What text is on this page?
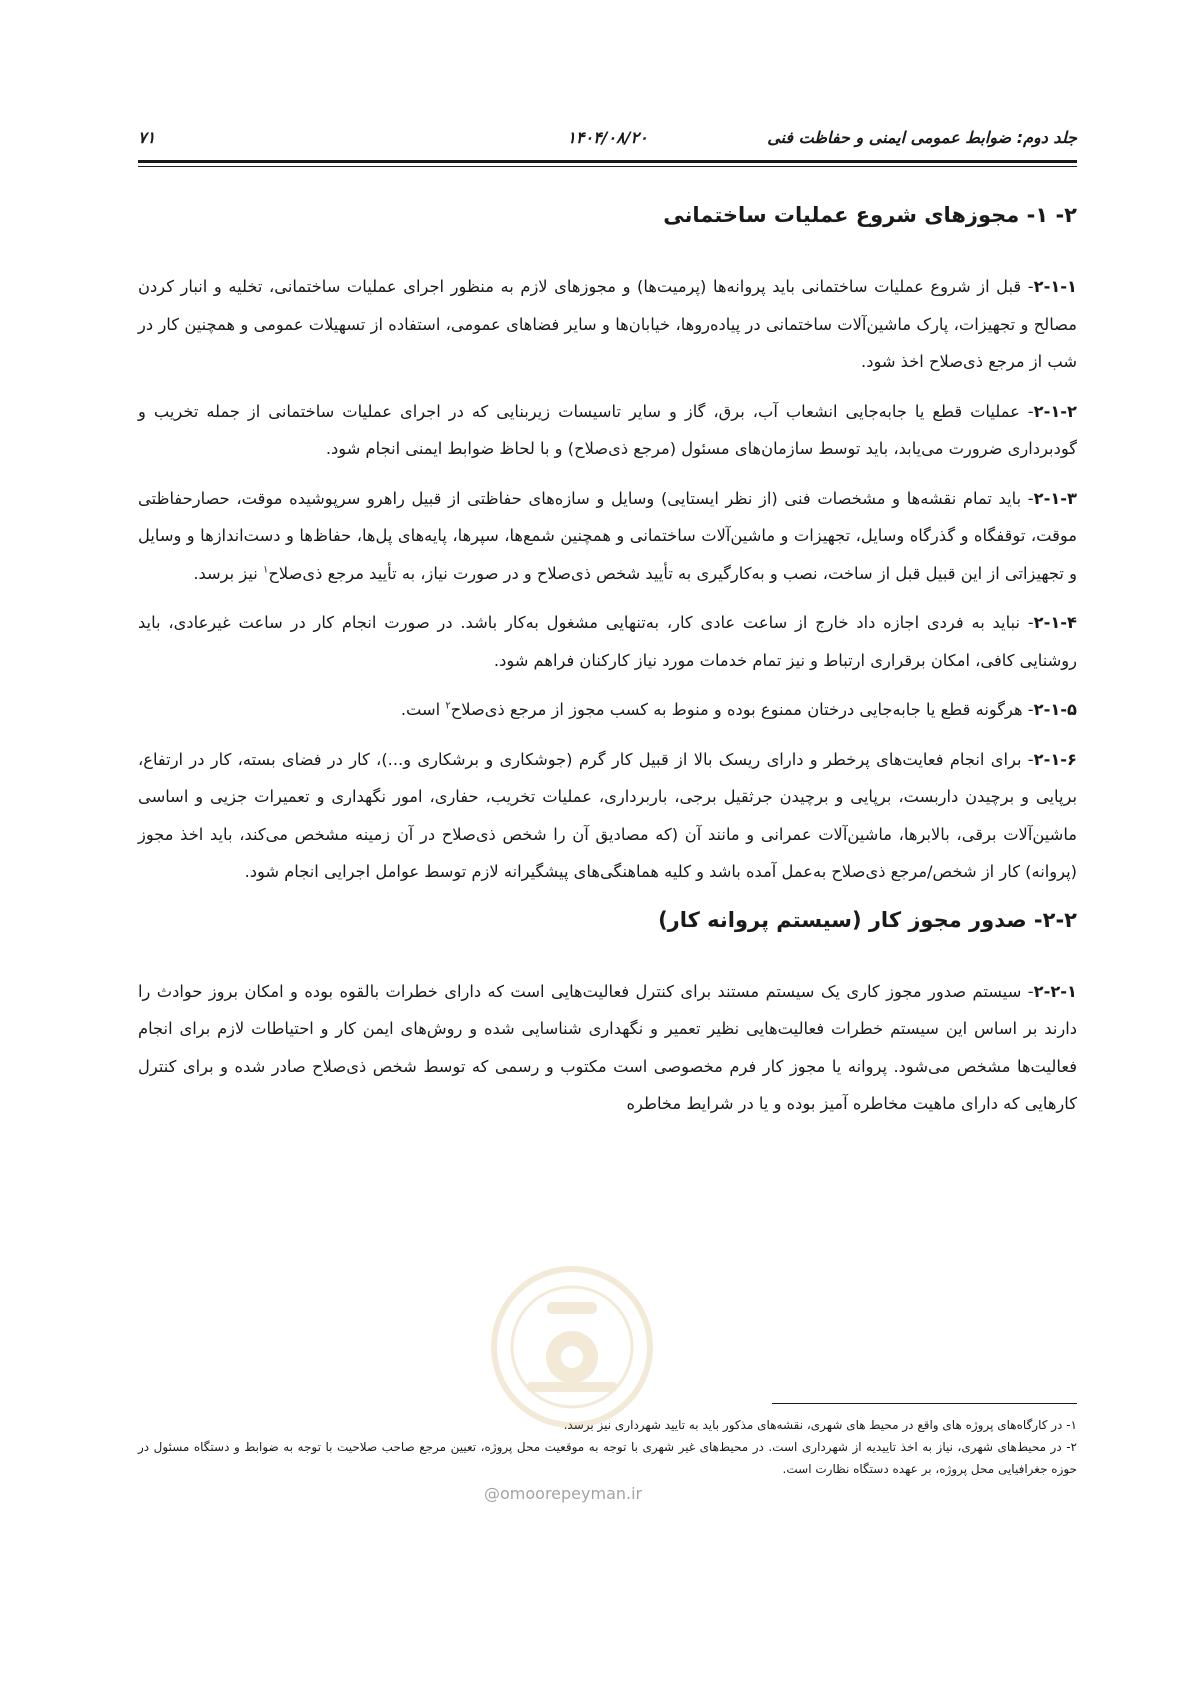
۷۱	۱۴۰۴/۰۸/۲۰	جلد دوم: ضوابط عمومی ایمنی و حفاظت فنی
۲- ۱- مجوزهای شروع عملیات ساختمانی

۲-۱-۱- قبل از شروع عملیات ساختمانی باید پروانه‌ها (پرمیت‌ها) و مجوزهای لازم به منظور اجرای عملیات ساختمانی، تخلیه و انبار کردن مصالح و تجهیزات، پارک ماشین‌آلات ساختمانی در پیاده‌روها، خیابان‌ها و سایر فضاهای عمومی، استفاده از تسهیلات عمومی و همچنین کار در شب از مرجع ذی‌صلاح اخذ شود.

۲-۱-۲- عملیات قطع یا جابه‌جایی انشعاب آب، برق، گاز و سایر تاسیسات زیربنایی که در اجرای عملیات ساختمانی از جمله تخریب و گودبرداری ضرورت می‌یابد، باید توسط سازمان‌های مسئول (مرجع ذی‌صلاح) و با لحاظ ضوابط ایمنی انجام شود.

۲-۱-۳- باید تمام نقشه‌ها و مشخصات فنی (از نظر ایستایی) وسایل و سازه‌های حفاظتی از قبیل راهرو سرپوشیده موقت، حصارحفاظتی موقت، توقفگاه و گذرگاه وسایل، تجهیزات و ماشین‌آلات ساختمانی و همچنین شمع‌ها، سپرها، پایه‌های پل‌ها، حفاظ‌ها و دست‌اندازها و وسایل و تجهیزاتی از این قبیل قبل از ساخت، نصب و به‌کارگیری به تأیید شخص ذی‌صلاح و در صورت نیاز، به تأیید مرجع ذی‌صلاح$^۱$ نیز برسد.

۲-۱-۴- نباید به فردی اجازه داد خارج از ساعت عادی کار، به‌تنهایی مشغول به‌کار باشد. در صورت انجام کار در ساعت غیرعادی، باید روشنایی کافی، امکان برقراری ارتباط و نیز تمام خدمات مورد نیاز کارکنان فراهم شود.

۲-۱-۵- هرگونه قطع یا جابه‌جایی درختان ممنوع بوده و منوط به کسب مجوز از مرجع ذی‌صلاح$^۲$ است.

۲-۱-۶- برای انجام فعایت‌های پرخطر و دارای ریسک بالا از قبیل کار گرم (جوشکاری و برشکاری و...)، کار در فضای بسته، کار در ارتفاع، برپایی و برچیدن داربست، برپایی و برچیدن جرثقیل برجی، باربرداری، عملیات تخریب، حفاری، امور نگهداری و تعمیرات جزیی و اساسی ماشین‌آلات برقی، بالابرها، ماشین‌آلات عمرانی و مانند آن (که مصادیق آن را شخص ذی‌صلاح در آن زمینه مشخص می‌کند، باید اخذ مجوز (پروانه) کار از شخص/مرجع ذی‌صلاح به‌عمل آمده باشد و کلیه هماهنگی‌های پیشگیرانه لازم توسط عوامل اجرایی انجام شود.

۲-۲- صدور مجوز کار (سیستم پروانه کار)

۲-۲-۱- سیستم صدور مجوز کاری یک سیستم مستند برای کنترل فعالیت‌هایی است که دارای خطرات بالقوه بوده و امکان بروز حوادث را دارند بر اساس این سیستم خطرات فعالیت‌هایی نظیر تعمیر و نگهداری شناسایی شده و روش‌های ایمن کار و احتیاطات لازم برای انجام فعالیت‌ها مشخص می‌شود. پروانه یا مجوز کار فرم مخصوصی است مکتوب و رسمی که توسط شخص ذی‌صلاح صادر شده و برای کنترل کارهایی که دارای ماهیت مخاطره آمیز بوده و یا در شرایط مخاطره

۱- در کارگاه‌های پروژه های واقع در محیط های شهری، نقشه‌های مذکور باید به تایید شهرداری نیز برسد.

۲- در محیط‌های شهری، نیاز به اخذ تاییدیه از شهرداری است. در محیط‌های غیر شهری با توجه به موقعیت محل پروژه، تعیین مرجع صاحب صلاحیت با توجه به ضوابط و دستگاه مسئول در حوزه جغرافیایی محل پروژه، بر عهده دستگاه نظارت است.

@omoorepeyman.ir
